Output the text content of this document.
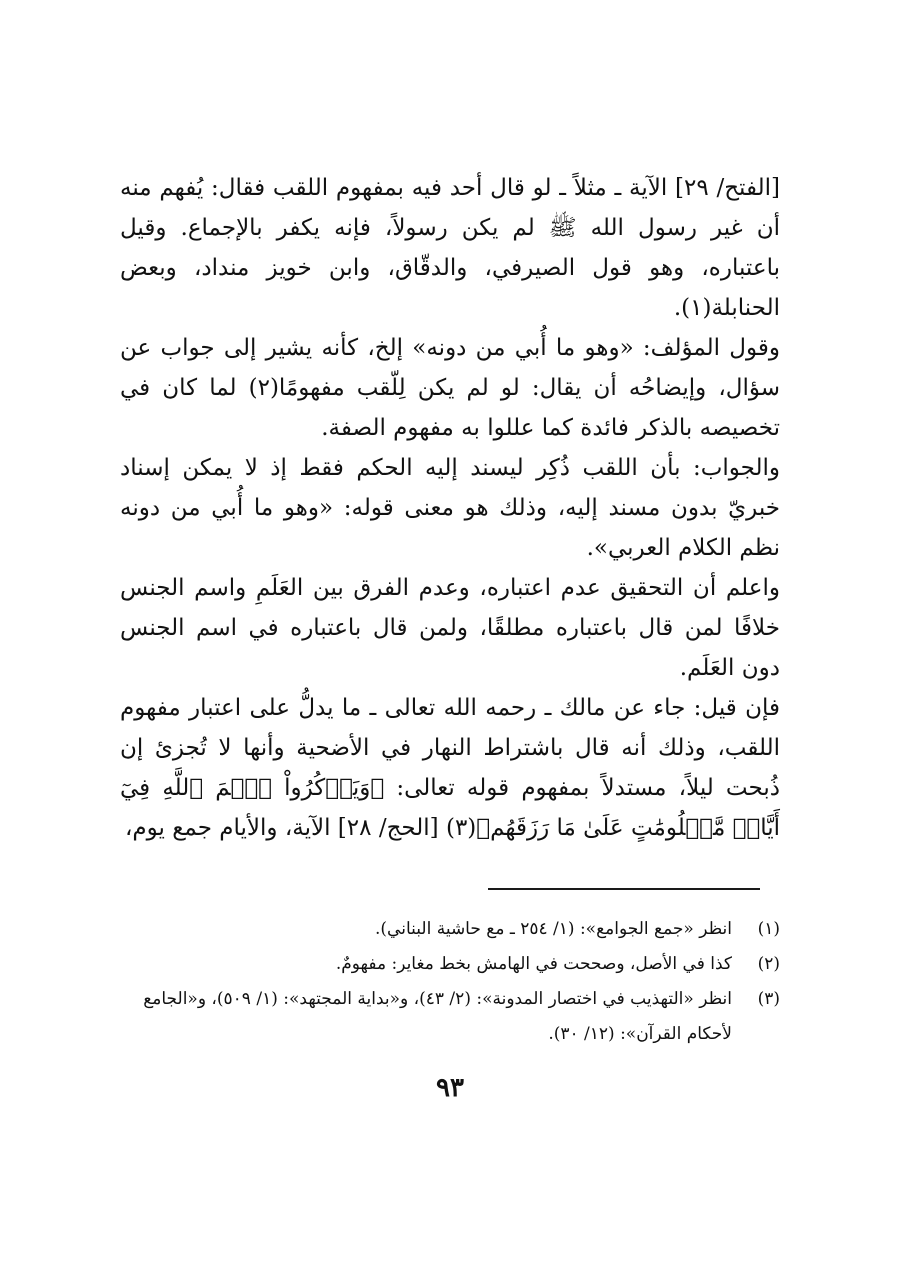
[الفتح/ ٢٩] الآية ـ مثلاً ـ لو قال أحد فيه بمفهوم اللقب فقال: يُفهم منه أن غير رسول الله ﷺ لم يكن رسولاً، فإنه يكفر بالإجماع. وقيل باعتباره، وهو قول الصيرفي، والدقّاق، وابن خويز منداد، وبعض الحنابلة(١).

وقول المؤلف: «وهو ما أُبي من دونه» إلخ، كأنه يشير إلى جواب عن سؤال، وإيضاحُه أن يقال: لو لم يكن لِلّقب مفهومًا(٢) لما كان في تخصيصه بالذكر فائدة كما عللوا به مفهوم الصفة.

والجواب: بأن اللقب ذُكِر ليسند إليه الحكم فقط إذ لا يمكن إسناد خبريّ بدون مسند إليه، وذلك هو معنى قوله: «وهو ما أُبي من دونه نظم الكلام العربي».

واعلم أن التحقيق عدم اعتباره، وعدم الفرق بين العَلَمِ واسم الجنس خلافًا لمن قال باعتباره مطلقًا، ولمن قال باعتباره في اسم الجنس دون العَلَم.

فإن قيل: جاء عن مالك ـ رحمه الله تعالى ـ ما يدلُّ على اعتبار مفهوم اللقب، وذلك أنه قال باشتراط النهار في الأضحية وأنها لا تُجزئ إن ذُبحت ليلاً، مستدلاً بمفهوم قوله تعالى: ﴿وَيَذۡكُرُواْ ٱسۡمَ ٱللَّهِ فِيٓ أَيَّامٖ مَّعۡلُومَٰتٍ عَلَىٰ مَا رَزَقَهُم﴾(٣) [الحج/ ٢٨] الآية، والأيام جمع يوم،

(١)
انظر «جمع الجوامع»: (١/ ٢٥٤ ـ مع حاشية البناني).
(٢)
كذا في الأصل، وصححت في الهامش بخط مغاير: مفهومٌ.
(٣)
انظر «التهذيب في اختصار المدونة»: (٢/ ٤٣)، و«بداية المجتهد»: (١/ ٥٠٩)، و«الجامع لأحكام القرآن»: (١٢/ ٣٠).
٩٣
